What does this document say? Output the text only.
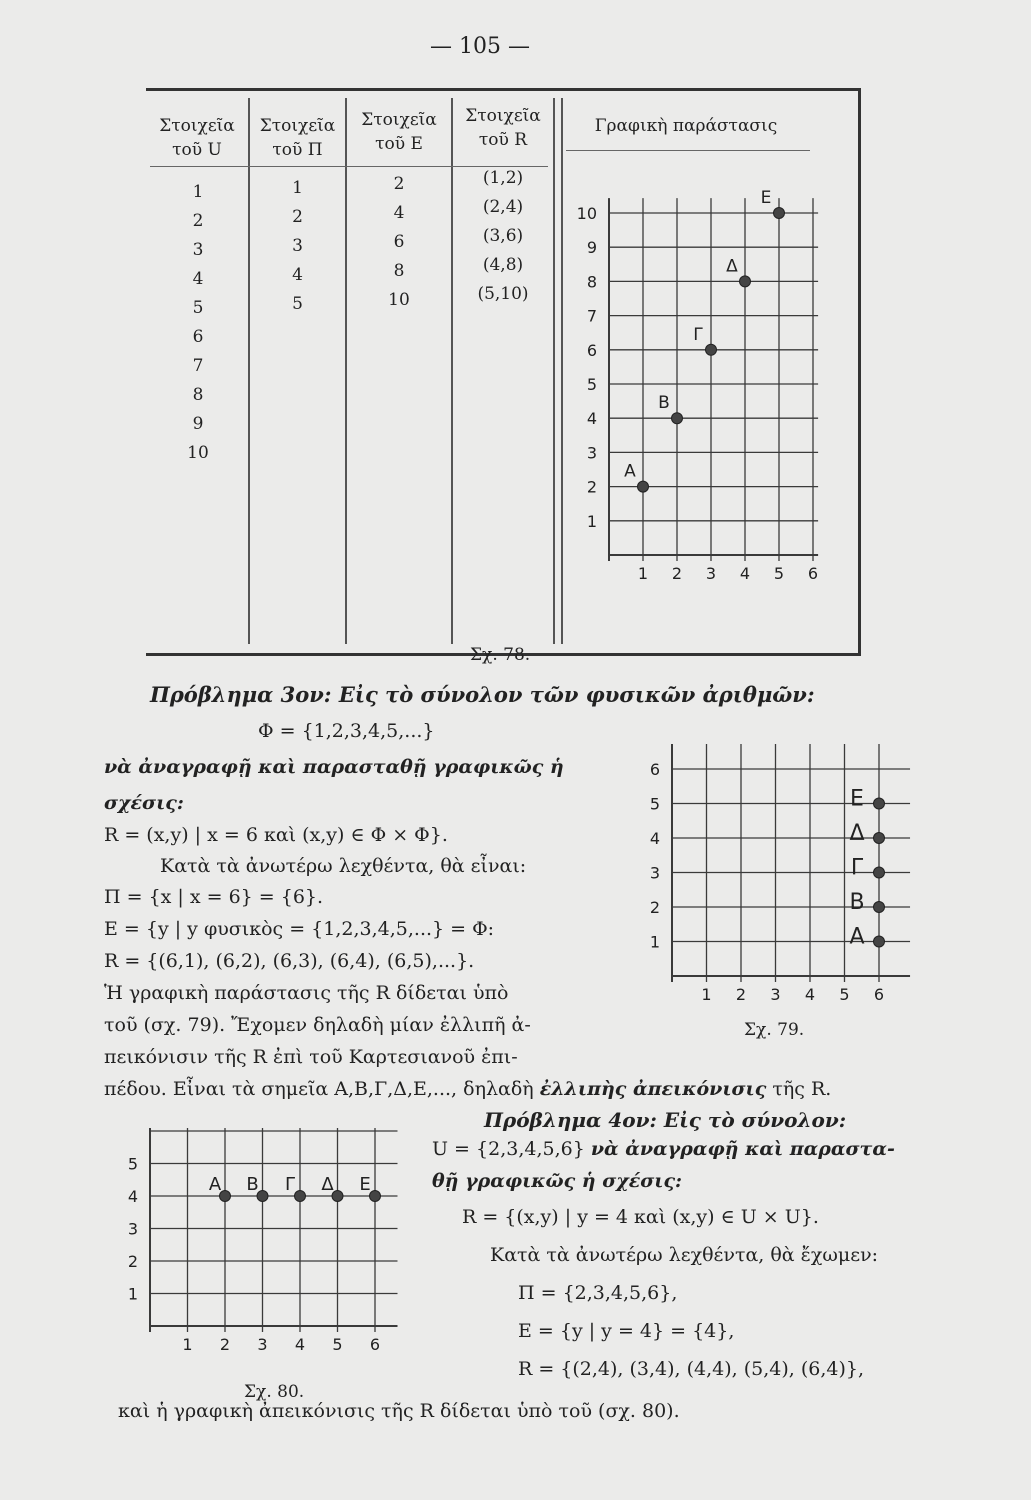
— 105 —
Στοιχεῖα
τοῦ U
Στοιχεῖα
τοῦ Π
Στοιχεῖα
τοῦ E
Στοιχεῖα
τοῦ R
Γραφικὴ παράστασις
1
2
3
4
5
6
7
8
9
10
1
2
3
4
5
2
4
6
8
10
(1,2)
(2,4)
(3,6)
(4,8)
(5,10)
1 2 3 4 5 6
1
2
3
4
5
6
7
8
9
10
A
B
Γ
Δ
E
Σχ. 78.
Πρόβλημα 3ον: Εἰς τὸ σύνολον τῶν φυσικῶν ἀριθμῶν:
Φ = {1,2,3,4,5,...}
νὰ ἀναγραφῇ καὶ παρασταθῇ γραφικῶς ἡ
σχέσις:
R = (x,y) | x = 6 καὶ (x,y) ∈ Φ × Φ}.
Κατὰ τὰ ἀνωτέρω λεχθέντα, θὰ εἶναι:
Π = {x | x = 6} = {6}.
E = {y | y φυσικὸς = {1,2,3,4,5,...} = Φ:
R = {(6,1), (6,2), (6,3), (6,4), (6,5),...}.
Ἡ γραφικὴ παράστασις τῆς R δίδεται ὑπὸ
τοῦ (σχ. 79). Ἔχομεν δηλαδὴ μίαν ἐλλιπῆ ἀ-
πεικόνισιν τῆς R ἐπὶ τοῦ Καρτεσιανοῦ ἐπι-
πέδου. Εἶναι τὰ σημεῖα A,B,Γ,Δ,E,..., δηλαδὴ ἐλλιπὴς ἀπεικόνισις τῆς R.
1 2 3 4 5 6
1
2
3
4
5
6
A
B
Γ
Δ
E
Σχ. 79.
Πρόβλημα 4ον: Εἰς τὸ σύνολον:
U = {2,3,4,5,6} νὰ ἀναγραφῇ καὶ παραστα-
θῇ γραφικῶς ἡ σχέσις:
R = {(x,y) | y = 4 καὶ (x,y) ∈ U × U}.
Κατὰ τὰ ἀνωτέρω λεχθέντα, θὰ ἔχωμεν:
Π = {2,3,4,5,6},
E = {y | y = 4} = {4},
R = {(2,4), (3,4), (4,4), (5,4), (6,4)},
1 2 3 4 5 6
1
2
3
4
5
A B Γ Δ E
Σχ. 80.
καὶ ἡ γραφικὴ ἀπεικόνισις τῆς R δίδεται ὑπὸ τοῦ (σχ. 80).
